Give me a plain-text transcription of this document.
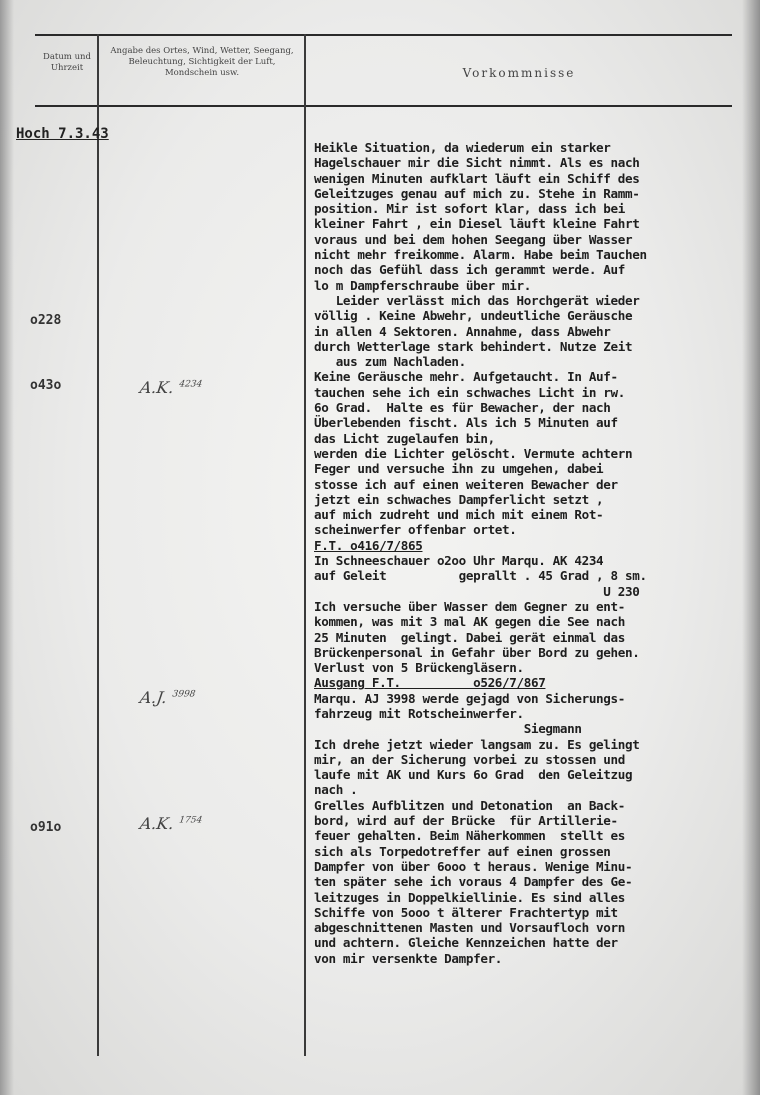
Datum und Uhrzeit
Angabe des Ortes, Wind, Wetter, Seegang, Beleuchtung, Sichtigkeit der Luft, Mondschein usw.	Vorkommnisse
Hoch 7.3.43
o228
o43o
o91o
A.K. $^{4234}$
A.J. $^{3998}$
A.K. $^{1754}$
Heikle Situation, da wiederum ein starker
Hagelschauer mir die Sicht nimmt. Als es nach
wenigen Minuten aufklart läuft ein Schiff des
Geleitzuges genau auf mich zu. Stehe in Ramm-
position. Mir ist sofort klar, dass ich bei
kleiner Fahrt , ein Diesel läuft kleine Fahrt
voraus und bei dem hohen Seegang über Wasser
nicht mehr freikomme. Alarm. Habe beim Tauchen
noch das Gefühl dass ich gerammt werde. Auf
lo m Dampferschraube über mir.
Leider verlässt mich das Horchgerät wieder
völlig . Keine Abwehr, undeutliche Geräusche
in allen 4 Sektoren. Annahme, dass Abwehr
durch Wetterlage stark behindert. Nutze Zeit
aus zum Nachladen.
Keine Geräusche mehr. Aufgetaucht. In Auf-
tauchen sehe ich ein schwaches Licht in rw.
6o Grad.  Halte es für Bewacher, der nach
Überlebenden fischt. Als ich 5 Minuten auf
das Licht zugelaufen bin,
werden die Lichter gelöscht. Vermute achtern
Feger und versuche ihn zu umgehen, dabei
stosse ich auf einen weiteren Bewacher der
jetzt ein schwaches Dampferlicht setzt ,
auf mich zudreht und mich mit einem Rot-
scheinwerfer offenbar ortet.
F.T. o416/7/865
In Schneeschauer o2oo Uhr Marqu. AK 4234
auf Geleit          geprallt . 45 Grad , 8 sm.
U 230
Ich versuche über Wasser dem Gegner zu ent-
kommen, was mit 3 mal AK gegen die See nach
25 Minuten  gelingt. Dabei gerät einmal das
Brückenpersonal in Gefahr über Bord zu gehen.
Verlust von 5 Brückengläsern.
Ausgang F.T.          o526/7/867
Marqu. AJ 3998 werde gejagd von Sicherungs-
fahrzeug mit Rotscheinwerfer.
Siegmann
Ich drehe jetzt wieder langsam zu. Es gelingt
mir, an der Sicherung vorbei zu stossen und
laufe mit AK und Kurs 6o Grad  den Geleitzug
nach .
Grelles Aufblitzen und Detonation  an Back-
bord, wird auf der Brücke  für Artillerie-
feuer gehalten. Beim Näherkommen  stellt es
sich als Torpedotreffer auf einen grossen
Dampfer von über 6ooo t heraus. Wenige Minu-
ten später sehe ich voraus 4 Dampfer des Ge-
leitzuges in Doppelkiellinie. Es sind alles
Schiffe von 5ooo t älterer Frachtertyp mit
abgeschnittenen Masten und Vorsaufloch vorn
und achtern. Gleiche Kennzeichen hatte der
von mir versenkte Dampfer.
